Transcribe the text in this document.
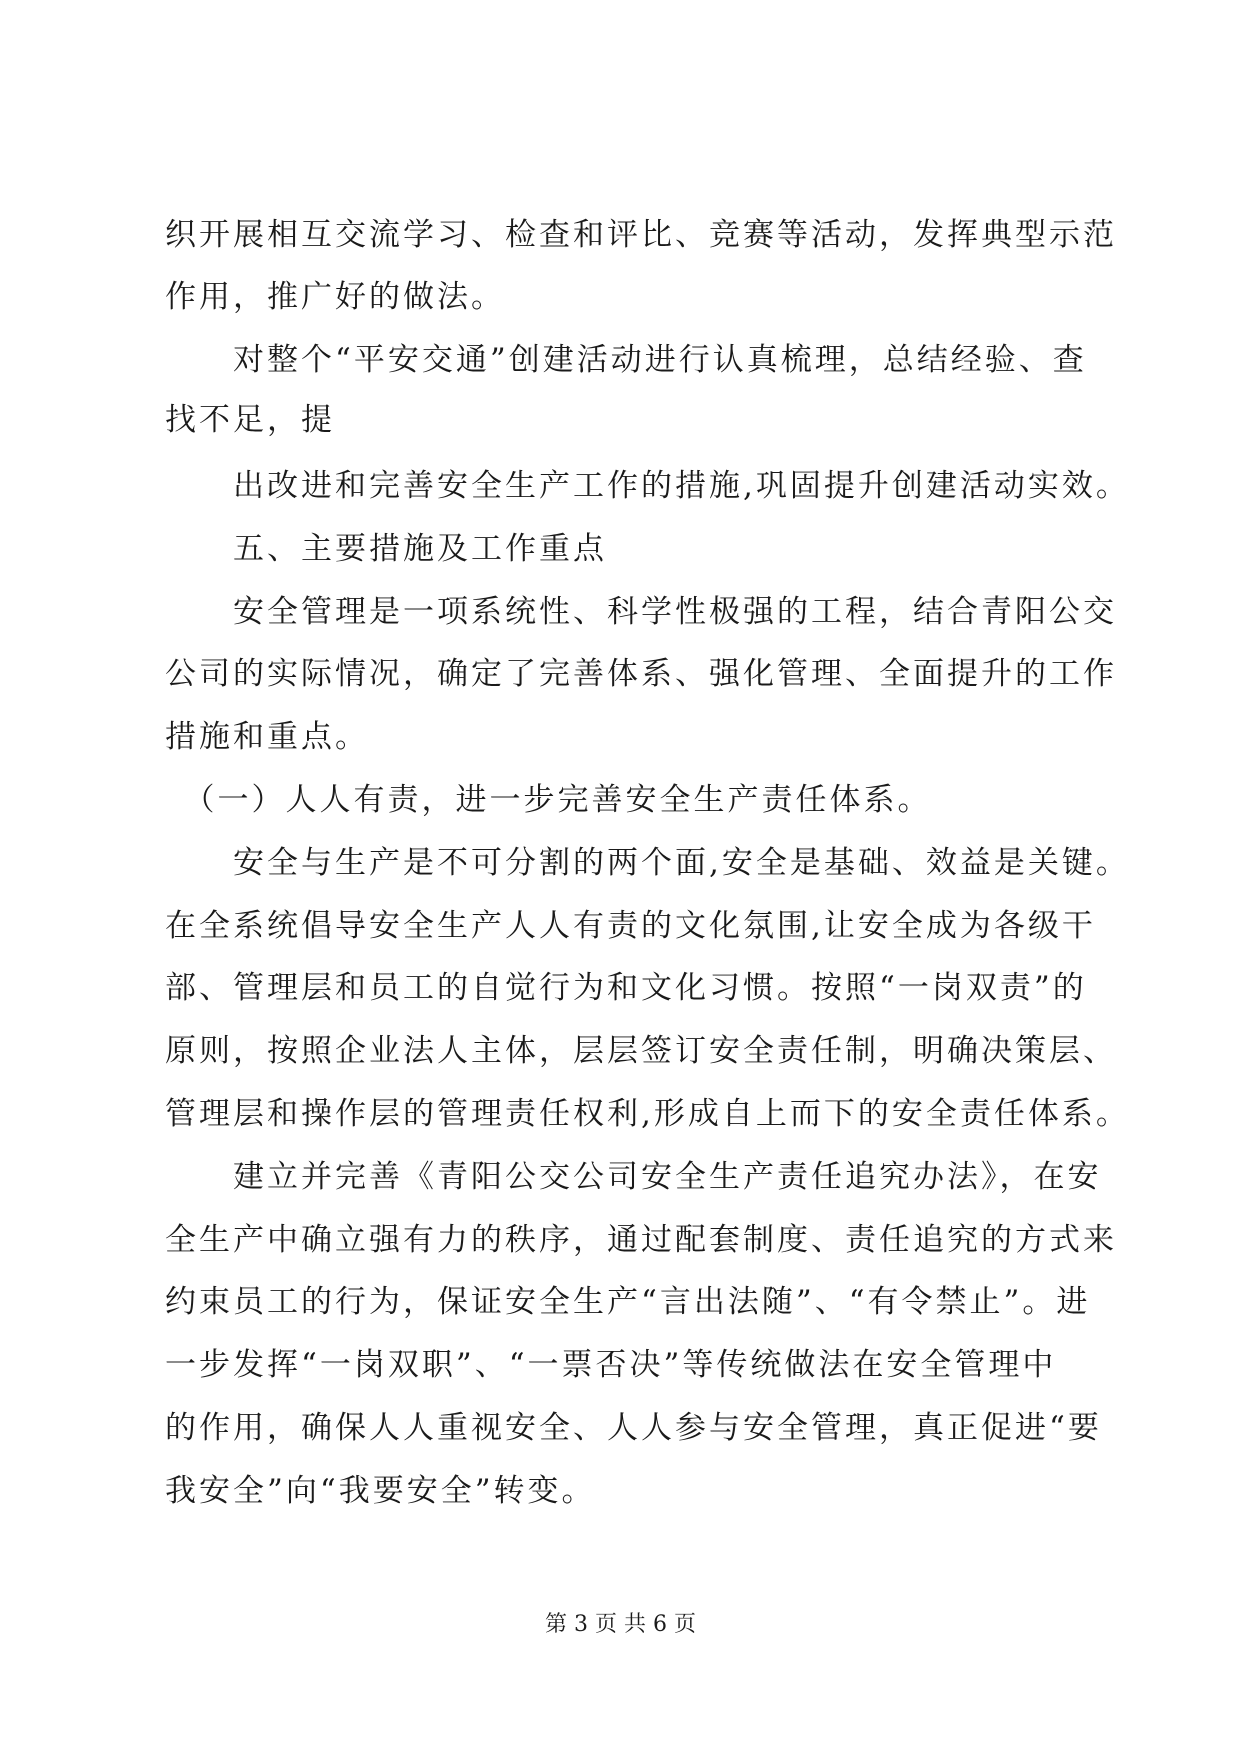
织开展相互交流学习、检查和评比、竞赛等活动，发挥典型示范
作用，推广好的做法。
　　对整个“平安交通”创建活动进行认真梳理，总结经验、查
找不足，提
　　出改进和完善安全生产工作的措施,巩固提升创建活动实效。
　　五、主要措施及工作重点
　　安全管理是一项系统性、科学性极强的工程，结合青阳公交
公司的实际情况，确定了完善体系、强化管理、全面提升的工作
措施和重点。
　（一）人人有责，进一步完善安全生产责任体系。
　　安全与生产是不可分割的两个面,安全是基础、效益是关键。
在全系统倡导安全生产人人有责的文化氛围,让安全成为各级干
部、管理层和员工的自觉行为和文化习惯。按照“一岗双责”的
原则，按照企业法人主体，层层签订安全责任制，明确决策层、
管理层和操作层的管理责任权利,形成自上而下的安全责任体系。
　　建立并完善《青阳公交公司安全生产责任追究办法》，在安
全生产中确立强有力的秩序，通过配套制度、责任追究的方式来
约束员工的行为，保证安全生产“言出法随”、“有令禁止”。进
一步发挥“一岗双职”、“一票否决”等传统做法在安全管理中
的作用，确保人人重视安全、人人参与安全管理，真正促进“要
我安全”向“我要安全”转变。
第 3 页 共 6 页
